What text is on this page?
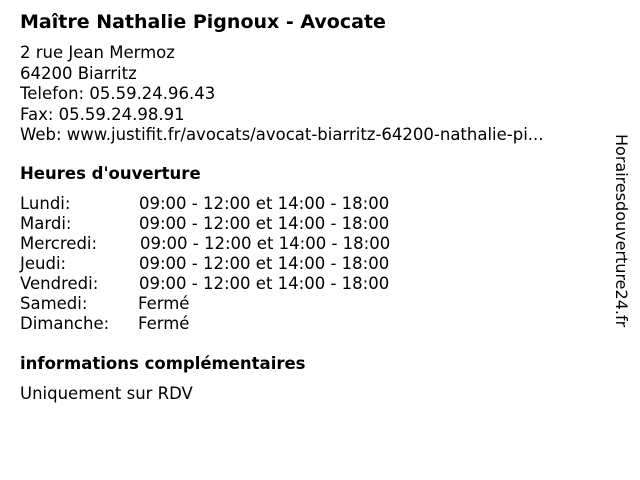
Maître Nathalie Pignoux - Avocate
2 rue Jean Mermoz
64200 Biarritz
Telefon: 05.59.24.96.43
Fax: 05.59.24.98.91
Web: www.justifit.fr/avocats/avocat-biarritz-64200-nathalie-pi...
Heures d'ouverture
Lundi:	09:00 - 12:00 et 14:00 - 18:00
Mardi:	09:00 - 12:00 et 14:00 - 18:00
Mercredi:	09:00 - 12:00 et 14:00 - 18:00
Jeudi:	09:00 - 12:00 et 14:00 - 18:00
Vendredi: 09:00 - 12:00 et 14:00 - 18:00
Samedi:	Fermé
Dimanche: Fermé
informations complémentaires
Uniquement sur RDV
Horairesdouverture24.fr
